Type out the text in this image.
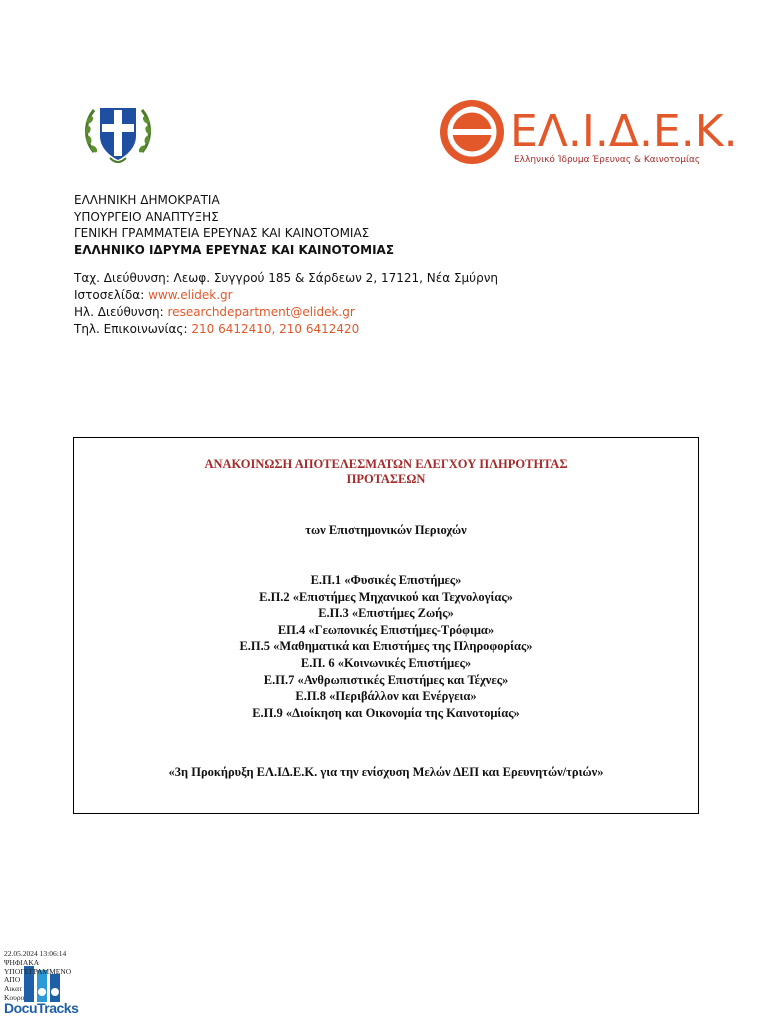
ΕΛ.Ι.Δ.Ε.Κ.
Ελληνικό Ίδρυμα Έρευνας & Καινοτομίας
ΕΛΛΗΝΙΚΗ ΔΗΜΟΚΡΑΤΙΑ
ΥΠΟΥΡΓΕΙΟ ΑΝΑΠΤΥΞΗΣ
ΓΕΝΙΚΗ ΓΡΑΜΜΑΤΕΙΑ ΕΡΕΥΝΑΣ ΚΑΙ ΚΑΙΝΟΤΟΜΙΑΣ
ΕΛΛΗΝΙΚΟ ΙΔΡΥΜΑ ΕΡΕΥΝΑΣ ΚΑΙ ΚΑΙΝΟΤΟΜΙΑΣ
Ταχ. Διεύθυνση: Λεωφ. Συγγρού 185 & Σάρδεων 2, 17121, Νέα Σμύρνη
Ιστοσελίδα: www.elidek.gr
Ηλ. Διεύθυνση: researchdepartment@elidek.gr
Τηλ. Επικοινωνίας: 210 6412410, 210 6412420
ΑΝΑΚΟΙΝΩΣΗ ΑΠΟΤΕΛΕΣΜΑΤΩΝ ΕΛΕΓΧΟΥ ΠΛΗΡΟΤΗΤΑΣ
ΠΡΟΤΑΣΕΩΝ
των Επιστημονικών Περιοχών
Ε.Π.1 «Φυσικές Επιστήμες»
Ε.Π.2 «Επιστήμες Μηχανικού και Τεχνολογίας»
Ε.Π.3 «Επιστήμες Ζωής»
ΕΠ.4 «Γεωπονικές Επιστήμες-Τρόφιμα»
Ε.Π.5 «Μαθηματικά και Επιστήμες της Πληροφορίας»
Ε.Π. 6 «Κοινωνικές Επιστήμες»
Ε.Π.7 «Ανθρωπιστικές Επιστήμες και Τέχνες»
Ε.Π.8 «Περιβάλλον και Ενέργεια»
Ε.Π.9 «Διοίκηση και Οικονομία της Καινοτομίας»
«3η Προκήρυξη ΕΛ.ΙΔ.Ε.Κ. για την ενίσχυση Μελών ΔΕΠ και Ερευνητών/τριών»
22.05.2024 13:06:14
ΨΗΦΙΑΚΑ
ΥΠΟΓΕΓΡΑΜΜΕΝΟ
ΑΠΟ
Αικατ
Κουρο
DocuTracks
